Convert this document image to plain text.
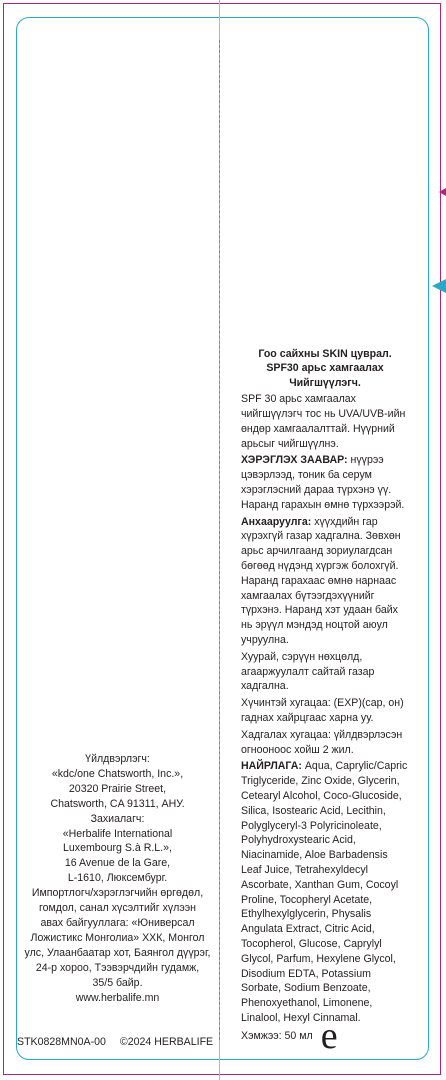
Гоо сайхны SKIN цуврал.
SPF30 арьс хамгаалах
Чийгшүүлэгч.

SPF 30 арьс хамгаалах чийгшүүлэгч тос нь UVA/UVB-ийн өндөр хамгаалалттай. Нүүрний арьсыг чийгшүүлнэ.

ХЭРЭГЛЭХ ЗААВАР: нүүрээ цэвэрлээд, тоник ба серум хэрэглэсний дараа түрхэнэ үү. Наранд гарахын өмнө түрхээрэй.

Анхааруулга: хүүхдийн гар хүрэхгүй газар хадгална. Зөвхөн арьс арчилгаанд зориулагдсан бөгөөд нүдэнд хүргэж болохгүй. Наранд гарахаас өмнө нарнаас хамгаалах бүтээгдэхүүнийг түрхэнэ. Наранд хэт удаан байх нь эрүүл мэндэд ноцтой аюул учруулна.

Хуурай, сэрүүн нөхцөлд, агааржуулалт сайтай газар хадгална.

Хүчинтэй хугацаа: (EXP)(сар, он) гаднах хайрцгаас харна уу.

Хадгалах хугацаа: үйлдвэрлэсэн огнооноос хойш 2 жил.

НАЙРЛАГА: Aqua, Caprylic/Capric Triglyceride, Zinc Oxide, Glycerin, Cetearyl Alcohol, Coco-Glucoside, Silica, Isostearic Acid, Lecithin, Polyglyceryl-3 Polyricinoleate, Polyhydroxystearic Acid, Niacinamide, Aloe Barbadensis Leaf Juice, Tetrahexyldecyl Ascorbate, Xanthan Gum, Cocoyl Proline, Tocopheryl Acetate, Ethylhexylglycerin, Physalis Angulata Extract, Citric Acid, Tocopherol, Glucose, Caprylyl Glycol, Parfum, Hexylene Glycol, Disodium EDTA, Potassium Sorbate, Sodium Benzoate, Phenoxyethanol, Limonene, Linalool, Hexyl Cinnamal.

Хэмжээ: 50 мл e
Үйлдвэрлэгч:
«kdc/one Chatsworth, Inc.»,
20320 Prairie Street,
Chatsworth, CA 91311, АНУ.
Захиалагч:
«Herbalife International
Luxembourg S.à R.L.»,
16 Avenue de la Gare,
L-1610, Люксембург.
Импортлогч/хэрэглэгчийн өргөдөл,
гомдол, санал хүсэлтийг хүлээн
авах байгууллага: «Юниверсал
Ложистикс Монголиа» ХХК, Монгол
улс, Улаанбаатар хот, Баянгол дүүрэг,
24-р хороо, Тээвэрчдийн гудамж,
35/5 байр.
www.herbalife.mn
STK0828MN0A-00 ©2024 HERBALIFE
